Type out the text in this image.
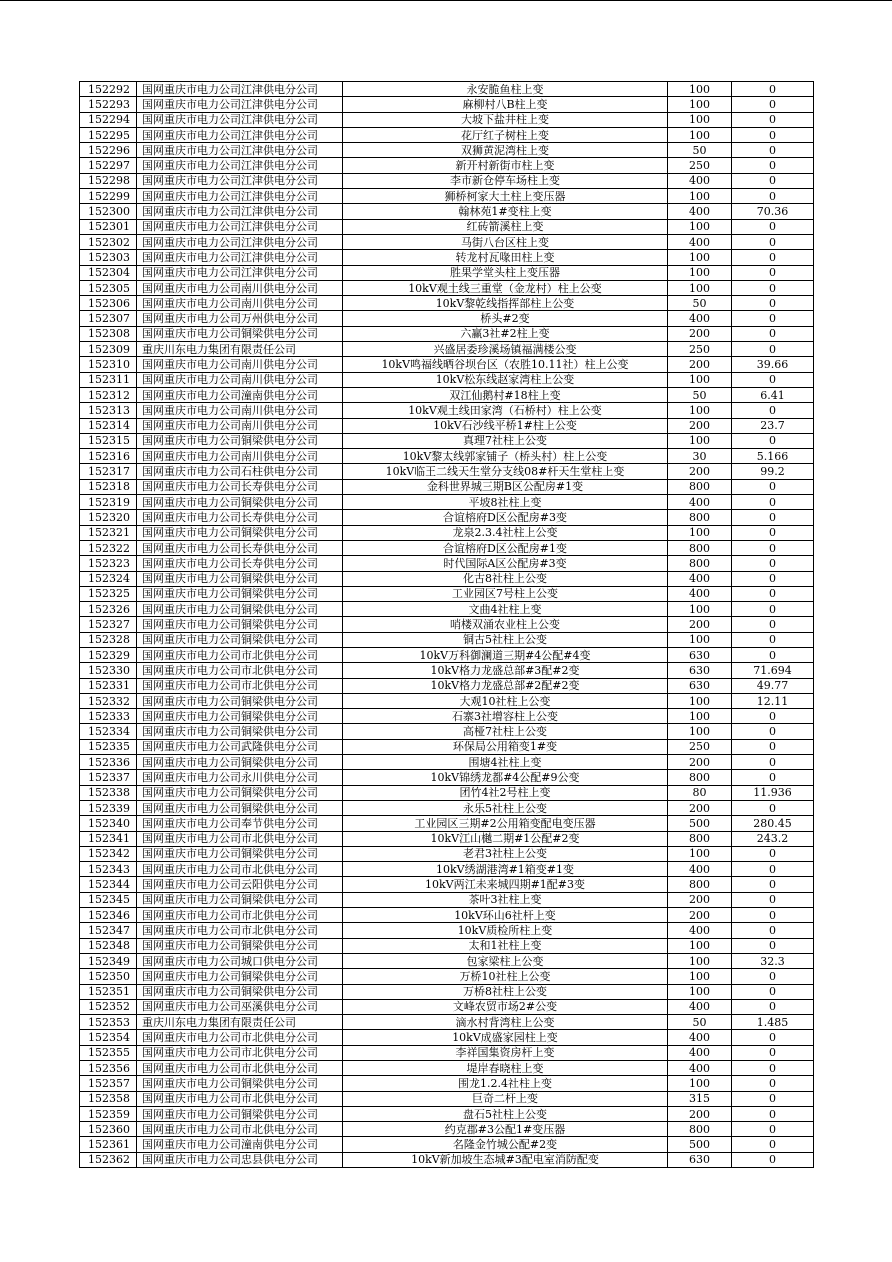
152292	国网重庆市电力公司江津供电分公司	永安脆鱼柱上变	100	0
152293	国网重庆市电力公司江津供电分公司	麻柳村八B柱上变	100	0
152294	国网重庆市电力公司江津供电分公司	大坡下盐井柱上变	100	0
152295	国网重庆市电力公司江津供电分公司	花厅红子树柱上变	100	0
152296	国网重庆市电力公司江津供电分公司	双狮黄泥湾柱上变	50	0
152297	国网重庆市电力公司江津供电分公司	新开村新街市柱上变	250	0
152298	国网重庆市电力公司江津供电分公司	李市新仓停车场柱上变	400	0
152299	国网重庆市电力公司江津供电分公司	狮桥柯家大土柱上变压器	100	0
152300	国网重庆市电力公司江津供电分公司	翰林苑1#变柱上变	400	70.36
152301	国网重庆市电力公司江津供电分公司	红砖箭溪柱上变	100	0
152302	国网重庆市电力公司江津供电分公司	马街八台区柱上变	400	0
152303	国网重庆市电力公司江津供电分公司	转龙村瓦喙田柱上变	100	0
152304	国网重庆市电力公司江津供电分公司	胜果学堂头柱上变压器	100	0
152305	国网重庆市电力公司南川供电分公司	10kV观土线三重堂（金龙村）柱上公变	100	0
152306	国网重庆市电力公司南川供电分公司	10kV黎乾线指挥部柱上公变	50	0
152307	国网重庆市电力公司万州供电分公司	桥头#2变	400	0
152308	国网重庆市电力公司铜梁供电分公司	六赢3社#2柱上变	200	0
152309	重庆川东电力集团有限责任公司	兴盛居委珍溪场镇福满楼公变	250	0
152310	国网重庆市电力公司南川供电分公司	10kV鸣福线晒谷坝台区（农胜10.11社）柱上公变	200	39.66
152311	国网重庆市电力公司南川供电分公司	10kV松东线赵家湾柱上公变	100	0
152312	国网重庆市电力公司潼南供电分公司	双江仙鹅村#18柱上变	50	6.41
152313	国网重庆市电力公司南川供电分公司	10kV观土线田家湾（石桥村）柱上公变	100	0
152314	国网重庆市电力公司南川供电分公司	10kV石沙线平桥1#柱上公变	200	23.7
152315	国网重庆市电力公司铜梁供电分公司	真理7社柱上公变	100	0
152316	国网重庆市电力公司南川供电分公司	10kV黎太线郭家铺子（桥头村）柱上公变	30	5.166
152317	国网重庆市电力公司石柱供电分公司	10kV临王二线天生堂分支线08#杆天生堂柱上变	200	99.2
152318	国网重庆市电力公司长寿供电分公司	金科世界城三期B区公配房#1变	800	0
152319	国网重庆市电力公司铜梁供电分公司	平坡8社柱上变	400	0
152320	国网重庆市电力公司长寿供电分公司	合谊榕府D区公配房#3变	800	0
152321	国网重庆市电力公司铜梁供电分公司	龙泉2.3.4社柱上公变	100	0
152322	国网重庆市电力公司长寿供电分公司	合谊榕府D区公配房#1变	800	0
152323	国网重庆市电力公司长寿供电分公司	时代国际A区公配房#3变	800	0
152324	国网重庆市电力公司铜梁供电分公司	化古8社柱上公变	400	0
152325	国网重庆市电力公司铜梁供电分公司	工业园区7号柱上公变	400	0
152326	国网重庆市电力公司铜梁供电分公司	文曲4社柱上变	100	0
152327	国网重庆市电力公司铜梁供电分公司	哨楼双涌农业柱上公变	200	0
152328	国网重庆市电力公司铜梁供电分公司	铜古5社柱上公变	100	0
152329	国网重庆市电力公司市北供电分公司	10kV万科御澜道三期#4公配#4变	630	0
152330	国网重庆市电力公司市北供电分公司	10kV格力龙盛总部#3配#2变	630	71.694
152331	国网重庆市电力公司市北供电分公司	10kV格力龙盛总部#2配#2变	630	49.77
152332	国网重庆市电力公司铜梁供电分公司	大观10社柱上公变	100	12.11
152333	国网重庆市电力公司铜梁供电分公司	石寨3社增容柱上公变	100	0
152334	国网重庆市电力公司铜梁供电分公司	高桠7社柱上公变	100	0
152335	国网重庆市电力公司武隆供电分公司	环保局公用箱变1#变	250	0
152336	国网重庆市电力公司铜梁供电分公司	围塘4社柱上变	200	0
152337	国网重庆市电力公司永川供电分公司	10kV锦绣龙都#4公配#9公变	800	0
152338	国网重庆市电力公司铜梁供电分公司	团竹4社2号柱上变	80	11.936
152339	国网重庆市电力公司铜梁供电分公司	永乐5社柱上公变	200	0
152340	国网重庆市电力公司奉节供电分公司	工业园区三期#2公用箱变配电变压器	500	280.45
152341	国网重庆市电力公司市北供电分公司	10kV江山樾二期#1公配#2变	800	243.2
152342	国网重庆市电力公司铜梁供电分公司	老君3社柱上公变	100	0
152343	国网重庆市电力公司市北供电分公司	10kV绣湖港湾#1箱变#1变	400	0
152344	国网重庆市电力公司云阳供电分公司	10kV两江未来城四期#1配#3变	800	0
152345	国网重庆市电力公司铜梁供电分公司	茶叶3社柱上变	200	0
152346	国网重庆市电力公司市北供电分公司	10kV环山6社杆上变	200	0
152347	国网重庆市电力公司市北供电分公司	10kV质检所柱上变	400	0
152348	国网重庆市电力公司铜梁供电分公司	太和1社柱上变	100	0
152349	国网重庆市电力公司城口供电分公司	包家梁柱上公变	100	32.3
152350	国网重庆市电力公司铜梁供电分公司	万桥10社柱上公变	100	0
152351	国网重庆市电力公司铜梁供电分公司	万桥8社柱上公变	100	0
152352	国网重庆市电力公司巫溪供电分公司	文峰农贸市场2#公变	400	0
152353	重庆川东电力集团有限责任公司	滴水村背湾柱上公变	50	1.485
152354	国网重庆市电力公司市北供电分公司	10kV成盛家园柱上变	400	0
152355	国网重庆市电力公司市北供电分公司	李祥国集资房杆上变	400	0
152356	国网重庆市电力公司市北供电分公司	堤岸春晓柱上变	400	0
152357	国网重庆市电力公司铜梁供电分公司	围龙1.2.4社柱上变	100	0
152358	国网重庆市电力公司市北供电分公司	巨奇二杆上变	315	0
152359	国网重庆市电力公司铜梁供电分公司	盘石5社柱上公变	200	0
152360	国网重庆市电力公司市北供电分公司	约克郡#3公配1#变压器	800	0
152361	国网重庆市电力公司潼南供电分公司	名隆金竹城公配#2变	500	0
152362	国网重庆市电力公司忠县供电分公司	10kV新加坡生态城#3配电室消防配变	630	0
